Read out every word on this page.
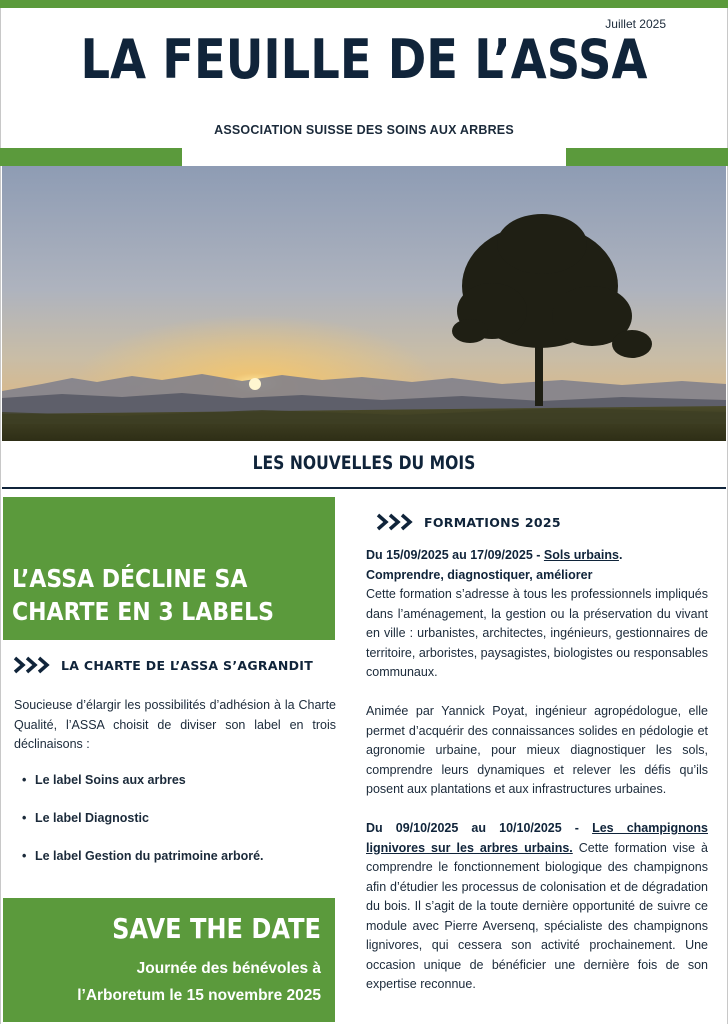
Juillet 2025
LA FEUILLE DE L’ASSA
ASSOCIATION SUISSE DES SOINS AUX ARBRES
LES NOUVELLES DU MOIS
L’ASSA DÉCLINE SA
CHARTE EN 3 LABELS
LA CHARTE DE L’ASSA S’AGRANDIT
Soucieuse d’élargir les possibilités d’adhésion à la Charte Qualité, l’ASSA choisit de diviser son label en trois déclinaisons :
• Le label Soins aux arbres
• Le label Diagnostic
• Le label Gestion du patrimoine arboré.
SAVE THE DATE
Journée des bénévoles à
l’Arboretum le 15 novembre 2025
FORMATIONS 2025

Du 15/09/2025 au 17/09/2025 - Sols urbains.
Comprendre, diagnostiquer, améliorer
Cette formation s’adresse à tous les professionnels impliqués dans l’aménagement, la gestion ou la préservation du vivant en ville : urbanistes, architectes, ingénieurs, gestionnaires de territoire, arboristes, paysagistes, biologistes ou responsables communaux.

Animée par Yannick Poyat, ingénieur agropédologue, elle permet d’acquérir des connaissances solides en pédologie et agronomie urbaine, pour mieux diagnostiquer les sols, comprendre leurs dynamiques et relever les défis qu’ils posent aux plantations et aux infrastructures urbaines.

Du 09/10/2025 au 10/10/2025 - Les champignons lignivores sur les arbres urbains. Cette formation vise à comprendre le fonctionnement biologique des champignons afin d’étudier les processus de colonisation et de dégradation du bois. Il s’agit de la toute dernière opportunité de suivre ce module avec Pierre Aversenq, spécialiste des champignons lignivores, qui cessera son activité prochainement. Une occasion unique de bénéficier une dernière fois de son expertise reconnue.
